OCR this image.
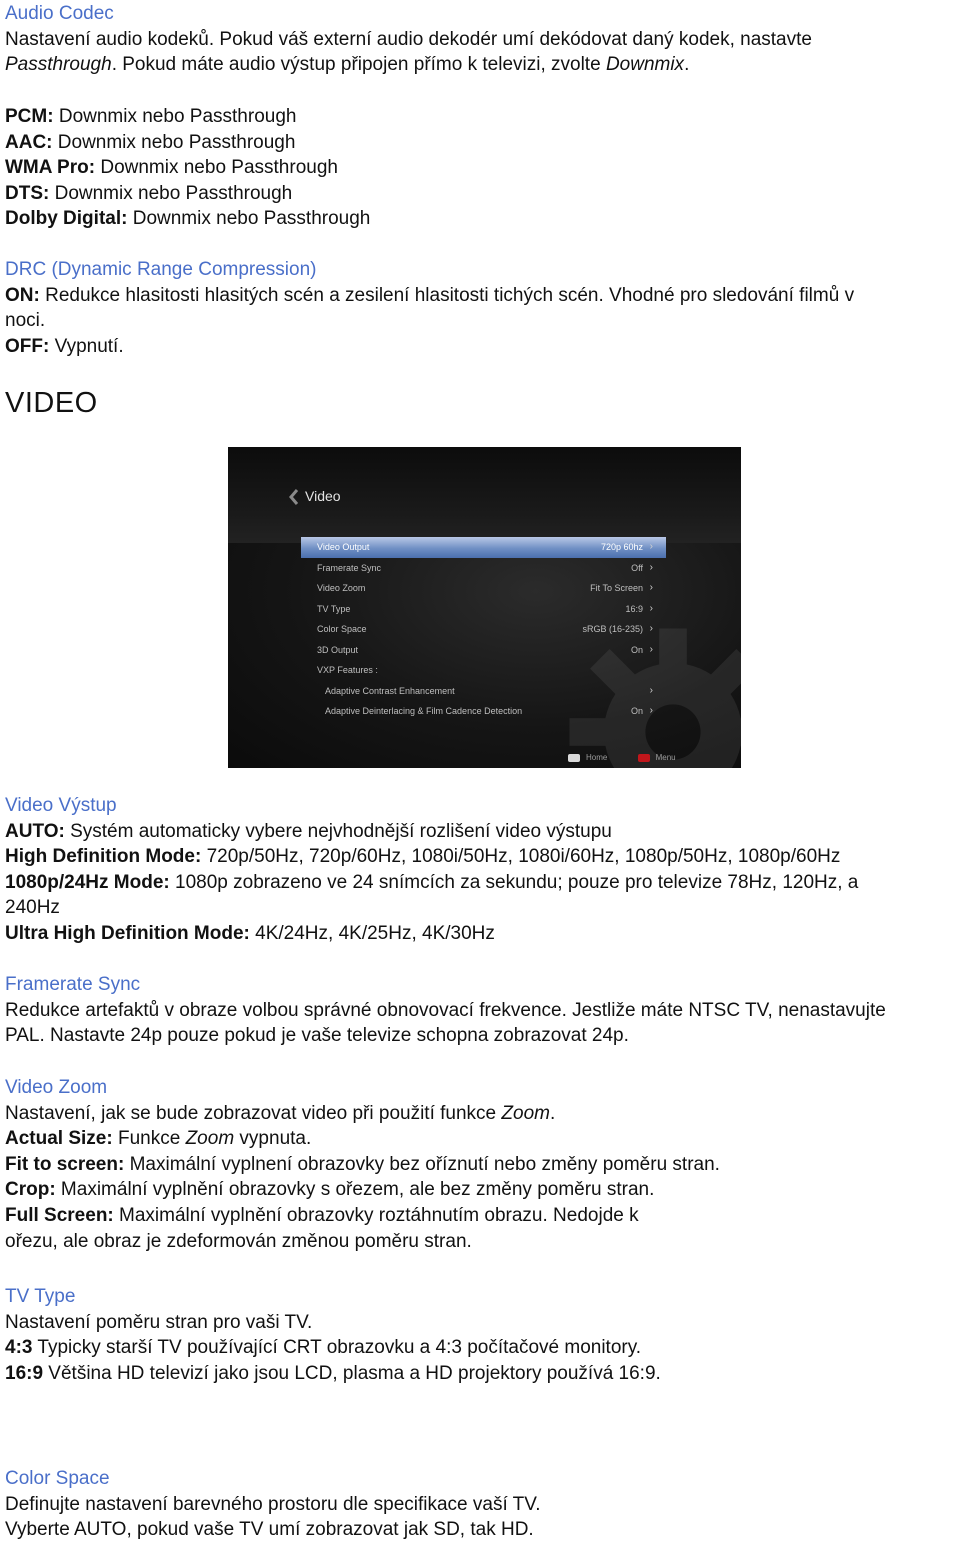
Audio Codec
Nastavení audio kodeků. Pokud váš externí audio dekodér umí dekódovat daný kodek, nastavte
Passthrough. Pokud máte audio výstup připojen přímo k televizi, zvolte Downmix.
PCM: Downmix nebo Passthrough
AAC: Downmix nebo Passthrough
WMA Pro: Downmix nebo Passthrough
DTS: Downmix nebo Passthrough
Dolby Digital: Downmix nebo Passthrough
DRC (Dynamic Range Compression)
ON: Redukce hlasitosti hlasitých scén a zesilení hlasitosti tichých scén. Vhodné pro sledování filmů v
noci.
OFF: Vypnutí.
VIDEO
Video
Video Output	720p 60hz ›
Framerate Sync	Off ›
Video Zoom	Fit To Screen ›
TV Type	16:9 ›
Color Space	sRGB (16-235) ›
3D Output	On ›
VXP Features :
Adaptive Contrast Enhancement	›
Adaptive Deinterlacing & Film Cadence Detection	On ›
Home	Menu
Video Výstup
AUTO: Systém automaticky vybere nejvhodnější rozlišení video výstupu
High Definition Mode: 720p/50Hz, 720p/60Hz, 1080i/50Hz, 1080i/60Hz, 1080p/50Hz, 1080p/60Hz
1080p/24Hz Mode: 1080p zobrazeno ve 24 snímcích za sekundu; pouze pro televize 78Hz, 120Hz, a
240Hz
Ultra High Definition Mode: 4K/24Hz, 4K/25Hz, 4K/30Hz
Framerate Sync
Redukce artefaktů v obraze volbou správné obnovovací frekvence. Jestliže máte NTSC TV, nenastavujte
PAL. Nastavte 24p pouze pokud je vaše televize schopna zobrazovat 24p.
Video Zoom
Nastavení, jak se bude zobrazovat video při použití funkce Zoom.
Actual Size: Funkce Zoom vypnuta.
Fit to screen: Maximální vyplnení obrazovky bez oříznutí nebo změny poměru stran.
Crop: Maximální vyplnění obrazovky s ořezem, ale bez změny poměru stran.
Full Screen: Maximální vyplnění obrazovky roztáhnutím obrazu. Nedojde k
ořezu, ale obraz je zdeformován změnou poměru stran.
TV Type
Nastavení poměru stran pro vaši TV.
4:3 Typicky starší TV používající CRT obrazovku a 4:3 počítačové monitory.
16:9 Většina HD televizí jako jsou LCD, plasma a HD projektory používá 16:9.
Color Space
Definujte nastavení barevného prostoru dle specifikace vaší TV.
Vyberte AUTO, pokud vaše TV umí zobrazovat jak SD, tak HD.
